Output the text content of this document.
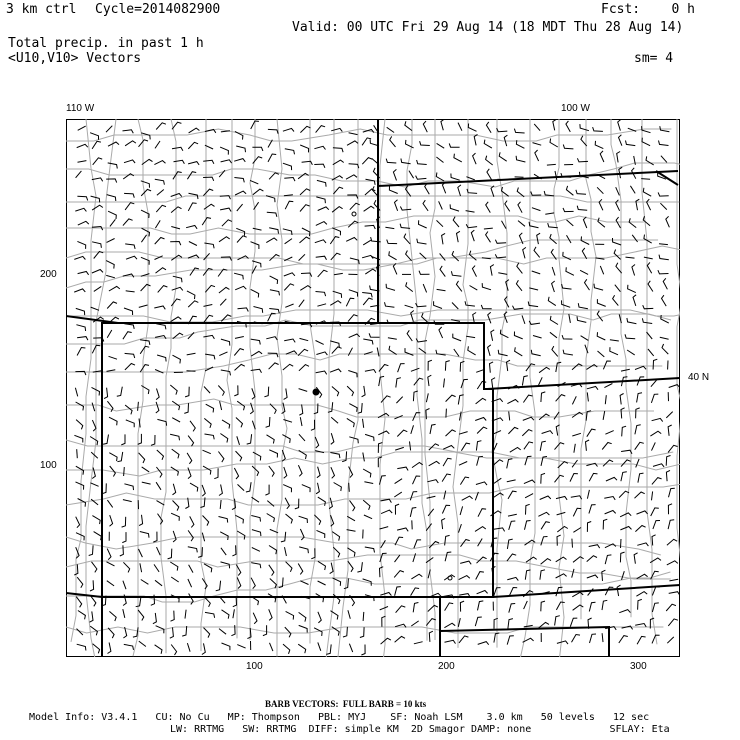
3 km ctrl Cycle=2014082900	Fcst:    0 h
Valid: 00 UTC Fri 29 Aug 14 (18 MDT Thu 28 Aug 14)
Total precip. in past 1 h
<U10,V10> Vectors	sm= 4
110 W	100 W
200
100
40 N
100	200	300
BARB VECTORS:  FULL BARB = 10 kts
Model Info: V3.4.1   CU: No Cu   MP: Thompson   PBL: MYJ    SF: Noah LSM    3.0 km   50 levels   12 sec
LW: RRTMG   SW: RRTMG  DIFF: simple KM  2D Smagor DAMP: none             SFLAY: Eta
